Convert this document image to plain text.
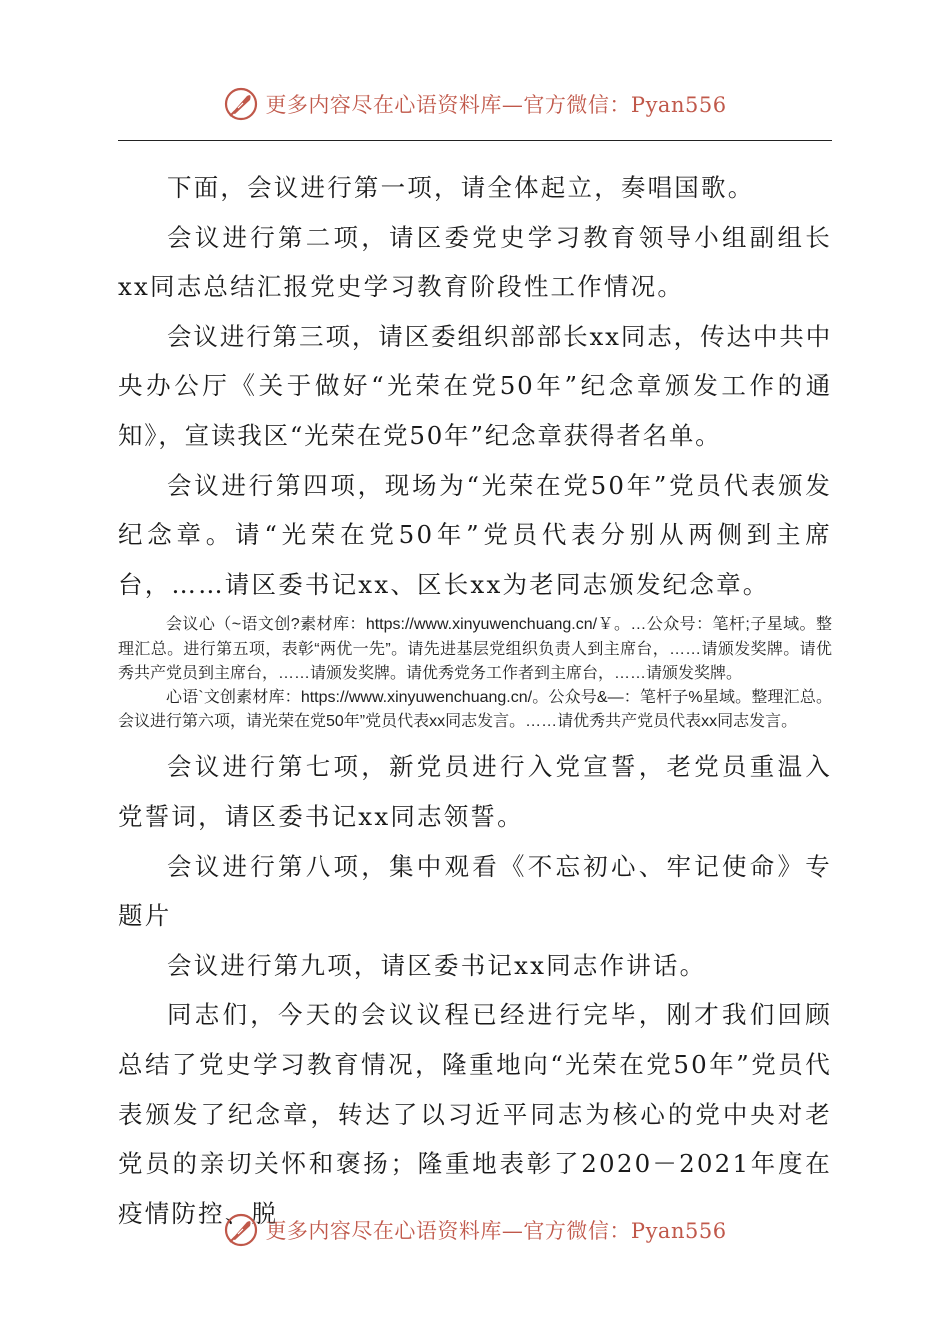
更多内容尽在心语资料库—官方微信：Pyan556

下面，会议进行第一项，请全体起立，奏唱国歌。

会议进行第二项，请区委党史学习教育领导小组副组长xx同志总结汇报党史学习教育阶段性工作情况。

会议进行第三项，请区委组织部部长xx同志，传达中共中央办公厅《关于做好“光荣在党50年”纪念章颁发工作的通知》，宣读我区“光荣在党50年”纪念章获得者名单。

会议进行第四项，现场为“光荣在党50年”党员代表颁发纪念章。请“光荣在党50年”党员代表分别从两侧到主席台，……请区委书记xx、区长xx为老同志颁发纪念章。

会议心（~语文创?素材库：https://www.xinyuwenchuang.cn/￥。…公众号：笔杆;子星域。整理汇总。进行第五项，表彰“两优一先”。请先进基层党组织负责人到主席台，……请颁发奖牌。请优秀共产党员到主席台，……请颁发奖牌。请优秀党务工作者到主席台，……请颁发奖牌。

心语`文创素材库：https://www.xinyuwenchuang.cn/。公众号&—：笔杆子%星域。整理汇总。会议进行第六项，请光荣在党50年”党员代表xx同志发言。……请优秀共产党员代表xx同志发言。

会议进行第七项，新党员进行入党宣誓，老党员重温入党誓词，请区委书记xx同志领誓。

会议进行第八项，集中观看《不忘初心、牢记使命》专题片

会议进行第九项，请区委书记xx同志作讲话。

同志们，今天的会议议程已经进行完毕，刚才我们回顾总结了党史学习教育情况，隆重地向“光荣在党50年”党员代表颁发了纪念章，转达了以习近平同志为核心的党中央对老党员的亲切关怀和褒扬；隆重地表彰了2020－2021年度在疫情防控、脱

更多内容尽在心语资料库—官方微信：Pyan556
